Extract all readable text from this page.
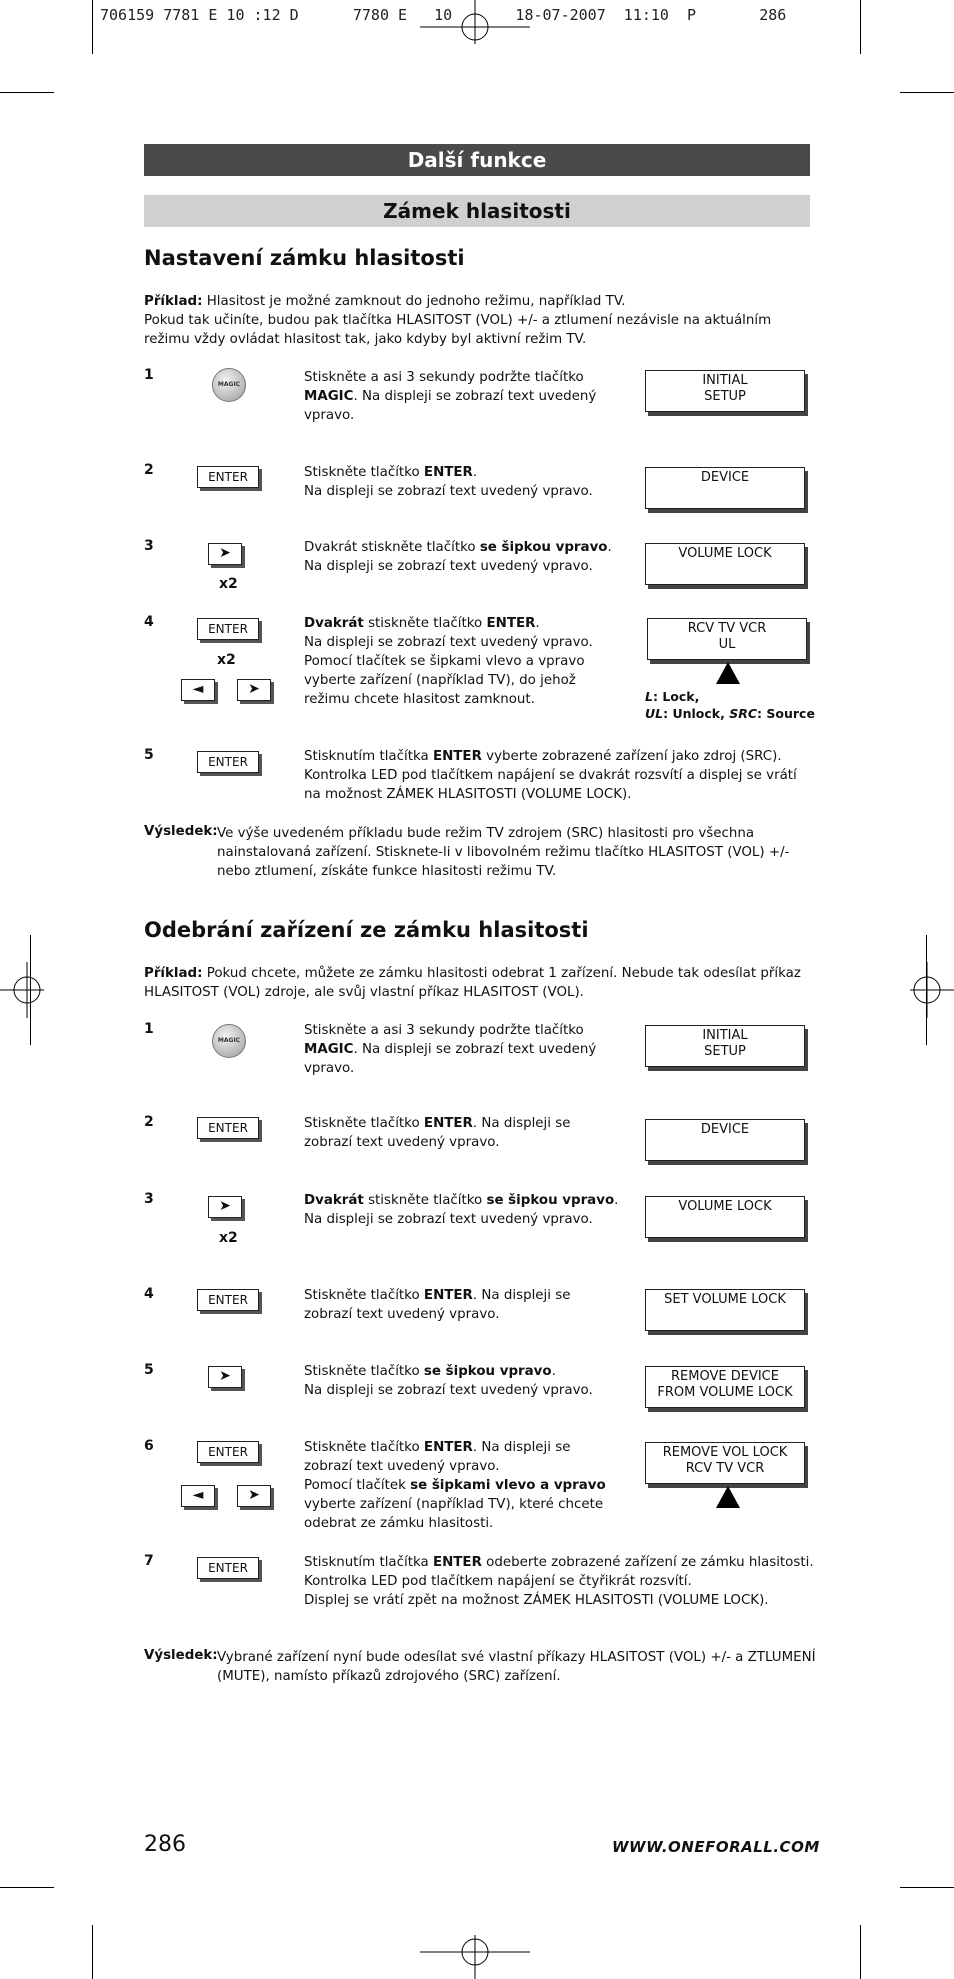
706159 7781 E 10 :12 D      7780 E   10       18-07-2007  11:10  P       286
Další funkce
Zámek hlasitosti
Nastavení zámku hlasitosti
Příklad: Hlasitost je možné zamknout do jednoho režimu, například TV.
Pokud tak učiníte, budou pak tlačítka HLASITOST (VOL) +/- a ztlumení nezávisle na aktuálním
režimu vždy ovládat hlasitost tak, jako kdyby byl aktivní režim TV.
1
MAGIC	Stiskněte a asi 3 sekundy podržte tlačítko
MAGIC. Na displeji se zobrazí text uvedený
vpravo.
INITIAL
SETUP
2	ENTER	Stiskněte tlačítko ENTER.
Na displeji se zobrazí text uvedený vpravo.
DEVICE
3	➤
x2
Dvakrát stiskněte tlačítko se šipkou vpravo.
Na displeji se zobrazí text uvedený vpravo.
VOLUME LOCK
4	ENTER
x2
◄	➤
Dvakrát stiskněte tlačítko ENTER.
Na displeji se zobrazí text uvedený vpravo.
Pomocí tlačítek se šipkami vlevo a vpravo
vyberte zařízení (například TV), do jehož
režimu chcete hlasitost zamknout.
RCV TV VCR
UL
L: Lock,
UL: Unlock, SRC: Source
5	ENTER	Stisknutím tlačítka ENTER vyberte zobrazené zařízení jako zdroj (SRC).
Kontrolka LED pod tlačítkem napájení se dvakrát rozsvítí a displej se vrátí
na možnost ZÁMEK HLASITOSTI (VOLUME LOCK).
Výsledek: Ve výše uvedeném příkladu bude režim TV zdrojem (SRC) hlasitosti pro všechna
nainstalovaná zařízení. Stisknete-li v libovolném režimu tlačítko HLASITOST (VOL) +/-
nebo ztlumení, získáte funkce hlasitosti režimu TV.
Odebrání zařízení ze zámku hlasitosti
Příklad: Pokud chcete, můžete ze zámku hlasitosti odebrat 1 zařízení. Nebude tak odesílat příkaz
HLASITOST (VOL) zdroje, ale svůj vlastní příkaz HLASITOST (VOL).
1
MAGIC
Stiskněte a asi 3 sekundy podržte tlačítko
MAGIC. Na displeji se zobrazí text uvedený
vpravo.
INITIAL
SETUP
2	ENTER	Stiskněte tlačítko ENTER. Na displeji se
zobrazí text uvedený vpravo.
DEVICE
3	➤
x2
Dvakrát stiskněte tlačítko se šipkou vpravo.
Na displeji se zobrazí text uvedený vpravo.
VOLUME LOCK
4	ENTER	Stiskněte tlačítko ENTER. Na displeji se
zobrazí text uvedený vpravo.
SET VOLUME LOCK
5	➤	Stiskněte tlačítko se šipkou vpravo.
Na displeji se zobrazí text uvedený vpravo.
REMOVE DEVICE
FROM VOLUME LOCK
6	ENTER
◄	➤
Stiskněte tlačítko ENTER. Na displeji se
zobrazí text uvedený vpravo.
Pomocí tlačítek se šipkami vlevo a vpravo
vyberte zařízení (například TV), které chcete
odebrat ze zámku hlasitosti.
REMOVE VOL LOCK
RCV TV VCR
7	ENTER	Stisknutím tlačítka ENTER odeberte zobrazené zařízení ze zámku hlasitosti.
Kontrolka LED pod tlačítkem napájení se čtyřikrát rozsvítí.
Displej se vrátí zpět na možnost ZÁMEK HLASITOSTI (VOLUME LOCK).
Výsledek: Vybrané zařízení nyní bude odesílat své vlastní příkazy HLASITOST (VOL) +/- a ZTLUMENÍ
(MUTE), namísto příkazů zdrojového (SRC) zařízení.
286	WWW.ONEFORALL.COM
